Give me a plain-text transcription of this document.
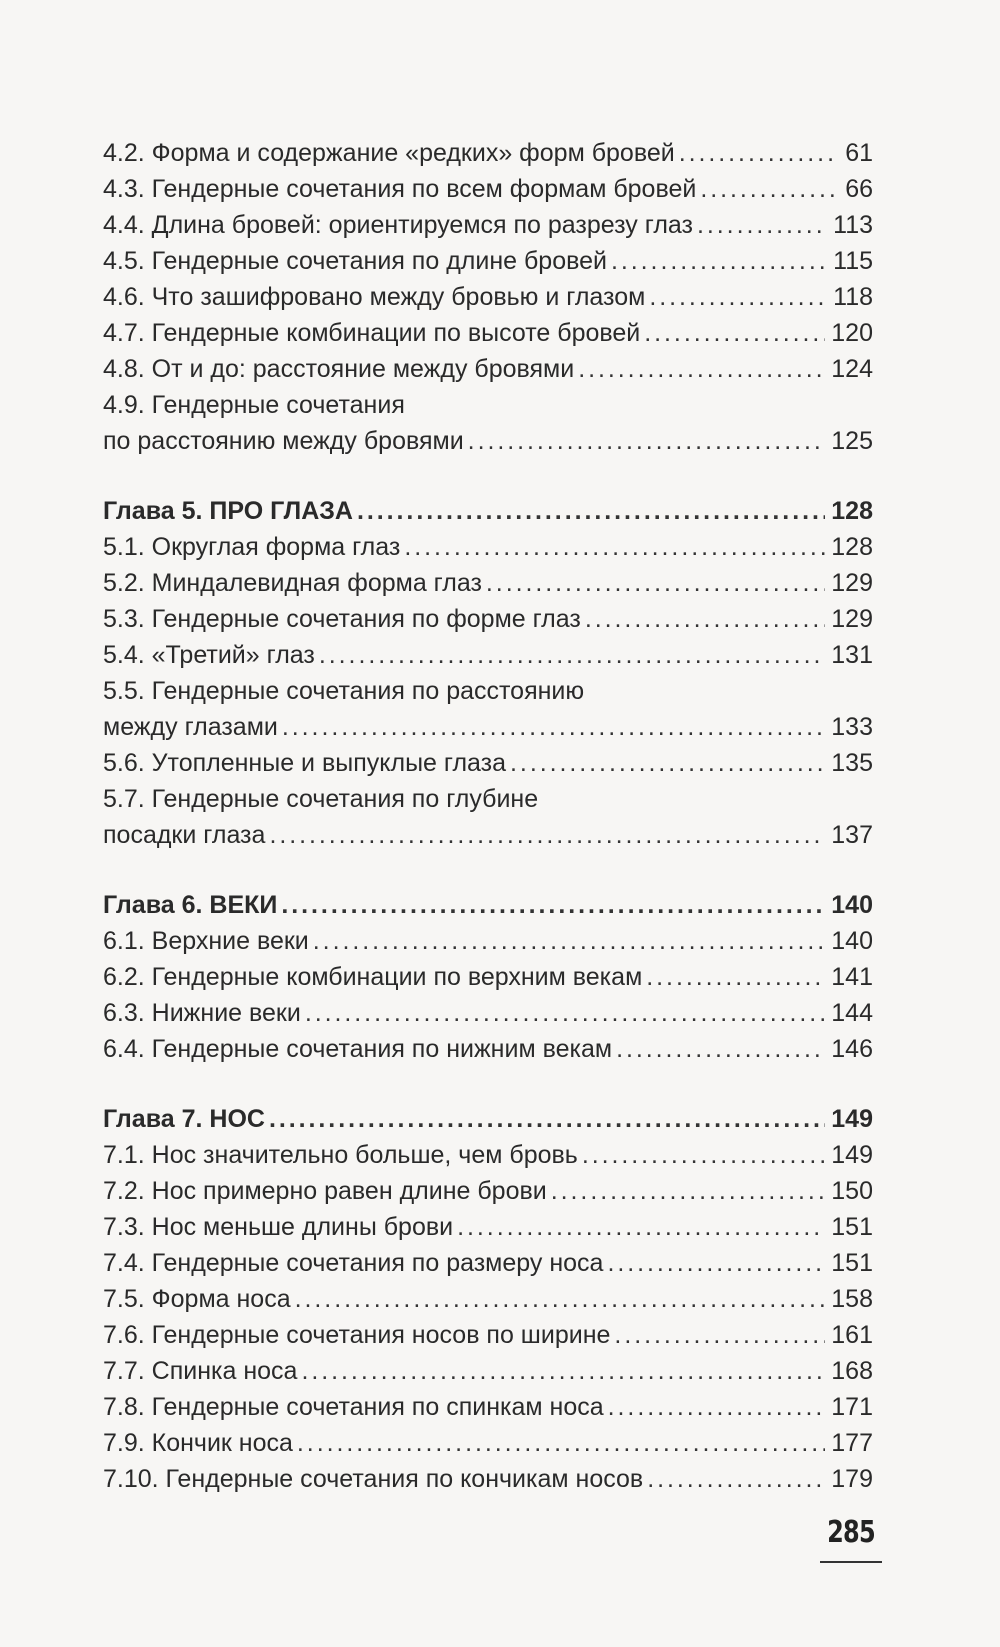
4.2. Форма и содержание «редких» форм бровей . . .	61
4.3. Гендерные сочетания по всем формам бровей . . .	66
4.4. Длина бровей: ориентируемся по разрезу глаз . . .	113
4.5. Гендерные сочетания по длине бровей . . .	115
4.6. Что зашифровано между бровью и глазом . . .	118
4.7. Гендерные комбинации по высоте бровей . . .	120
4.8. От и до: расстояние между бровями . . .	124
4.9. Гендерные сочетания
по расстоянию между бровями . . .	125
Глава 5. ПРО ГЛАЗА . . .	128
5.1. Округлая форма глаз . . .	128
5.2. Миндалевидная форма глаз . . .	129
5.3. Гендерные сочетания по форме глаз . . .	129
5.4. «Третий» глаз . . .	131
5.5. Гендерные сочетания по расстоянию
между глазами . . .	133
5.6. Утопленные и выпуклые глаза . . .	135
5.7. Гендерные сочетания по глубине
посадки глаза . . .	137
Глава 6. ВЕКИ . . .	140
6.1. Верхние веки . . .	140
6.2. Гендерные комбинации по верхним векам . . .	141
6.3. Нижние веки . . .	144
6.4. Гендерные сочетания по нижним векам . . .	146
Глава 7. НОС . . .	149
7.1. Нос значительно больше, чем бровь . . .	149
7.2. Нос примерно равен длине брови . . .	150
7.3. Нос меньше длины брови . . .	151
7.4. Гендерные сочетания по размеру носа . . .	151
7.5. Форма носа . . .	158
7.6. Гендерные сочетания носов по ширине . . .	161
7.7. Спинка носа . . .	168
7.8. Гендерные сочетания по спинкам носа . . .	171
7.9. Кончик носа . . .	177
7.10. Гендерные сочетания по кончикам носов . . .	179
285
